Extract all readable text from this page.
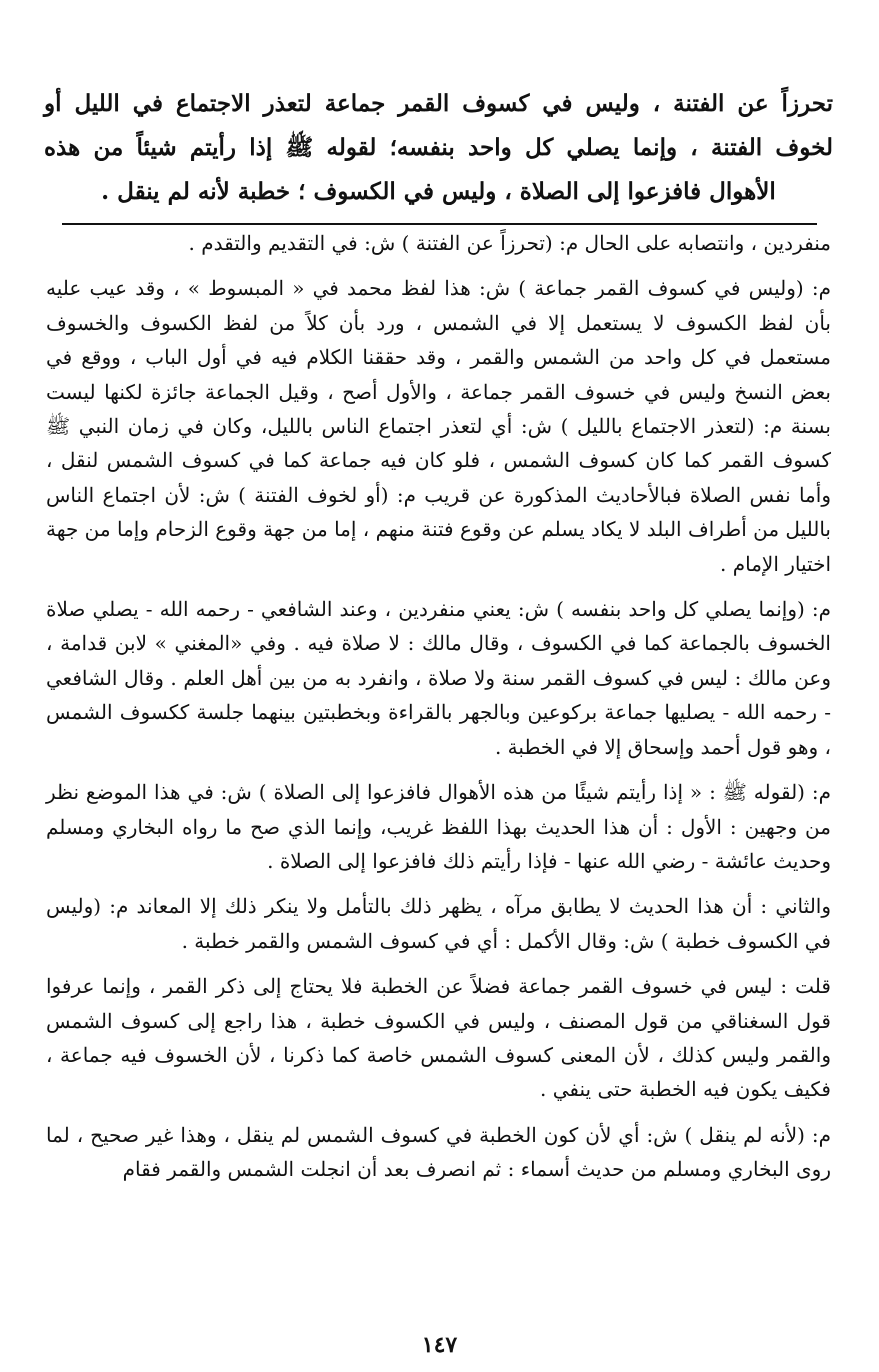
تحرزاً عن الفتنة ، وليس في كسوف القمر جماعة لتعذر الاجتماع في الليل أو لخوف الفتنة ، وإنما يصلي كل واحد بنفسه؛ لقوله ﷺ إذا رأيتم شيئاً من هذه الأهوال فافزعوا إلى الصلاة ، وليس في الكسوف ؛ خطبة لأنه لم ينقل .

منفردين ، وانتصابه على الحال م: (تحرزاً عن الفتنة ) ش: في التقديم والتقدم .

م: (وليس في كسوف القمر جماعة ) ش: هذا لفظ محمد في « المبسوط » ، وقد عيب عليه بأن لفظ الكسوف لا يستعمل إلا في الشمس ، ورد بأن كلاً من لفظ الكسوف والخسوف مستعمل في كل واحد من الشمس والقمر ، وقد حققنا الكلام فيه في أول الباب ، ووقع في بعض النسخ وليس في خسوف القمر جماعة ، والأول أصح ، وقيل الجماعة جائزة لكنها ليست بسنة م: (لتعذر الاجتماع بالليل ) ش: أي لتعذر اجتماع الناس بالليل، وكان في زمان النبي ﷺ كسوف القمر كما كان كسوف الشمس ، فلو كان فيه جماعة كما في كسوف الشمس لنقل ، وأما نفس الصلاة فبالأحاديث المذكورة عن قريب م: (أو لخوف الفتنة ) ش: لأن اجتماع الناس بالليل من أطراف البلد لا يكاد يسلم عن وقوع فتنة منهم ، إما من جهة وقوع الزحام وإما من جهة اختيار الإمام .

م: (وإنما يصلي كل واحد بنفسه ) ش: يعني منفردين ، وعند الشافعي - رحمه الله - يصلي صلاة الخسوف بالجماعة كما في الكسوف ، وقال مالك : لا صلاة فيه . وفي «المغني » لابن قدامة ، وعن مالك : ليس في كسوف القمر سنة ولا صلاة ، وانفرد به من بين أهل العلم . وقال الشافعي - رحمه الله - يصليها جماعة بركوعين وبالجهر بالقراءة وبخطبتين بينهما جلسة ككسوف الشمس ، وهو قول أحمد وإسحاق إلا في الخطبة .

م: (لقوله ﷺ : « إذا رأيتم شيئًا من هذه الأهوال فافزعوا إلى الصلاة ) ش: في هذا الموضع نظر من وجهين : الأول : أن هذا الحديث بهذا اللفظ غريب، وإنما الذي صح ما رواه البخاري ومسلم وحديث عائشة - رضي الله عنها - فإذا رأيتم ذلك فافزعوا إلى الصلاة .

والثاني : أن هذا الحديث لا يطابق مرآه ، يظهر ذلك بالتأمل ولا ينكر ذلك إلا المعاند م: (وليس في الكسوف خطبة ) ش: وقال الأكمل : أي في كسوف الشمس والقمر خطبة .

قلت : ليس في خسوف القمر جماعة فضلاً عن الخطبة فلا يحتاج إلى ذكر القمر ، وإنما عرفوا قول السغناقي من قول المصنف ، وليس في الكسوف خطبة ، هذا راجع إلى كسوف الشمس والقمر وليس كذلك ، لأن المعنى كسوف الشمس خاصة كما ذكرنا ، لأن الخسوف فيه جماعة ، فكيف يكون فيه الخطبة حتى ينفي .

م: (لأنه لم ينقل ) ش: أي لأن كون الخطبة في كسوف الشمس لم ينقل ، وهذا غير صحيح ، لما روى البخاري ومسلم من حديث أسماء : ثم انصرف بعد أن انجلت الشمس والقمر فقام

١٤٧
